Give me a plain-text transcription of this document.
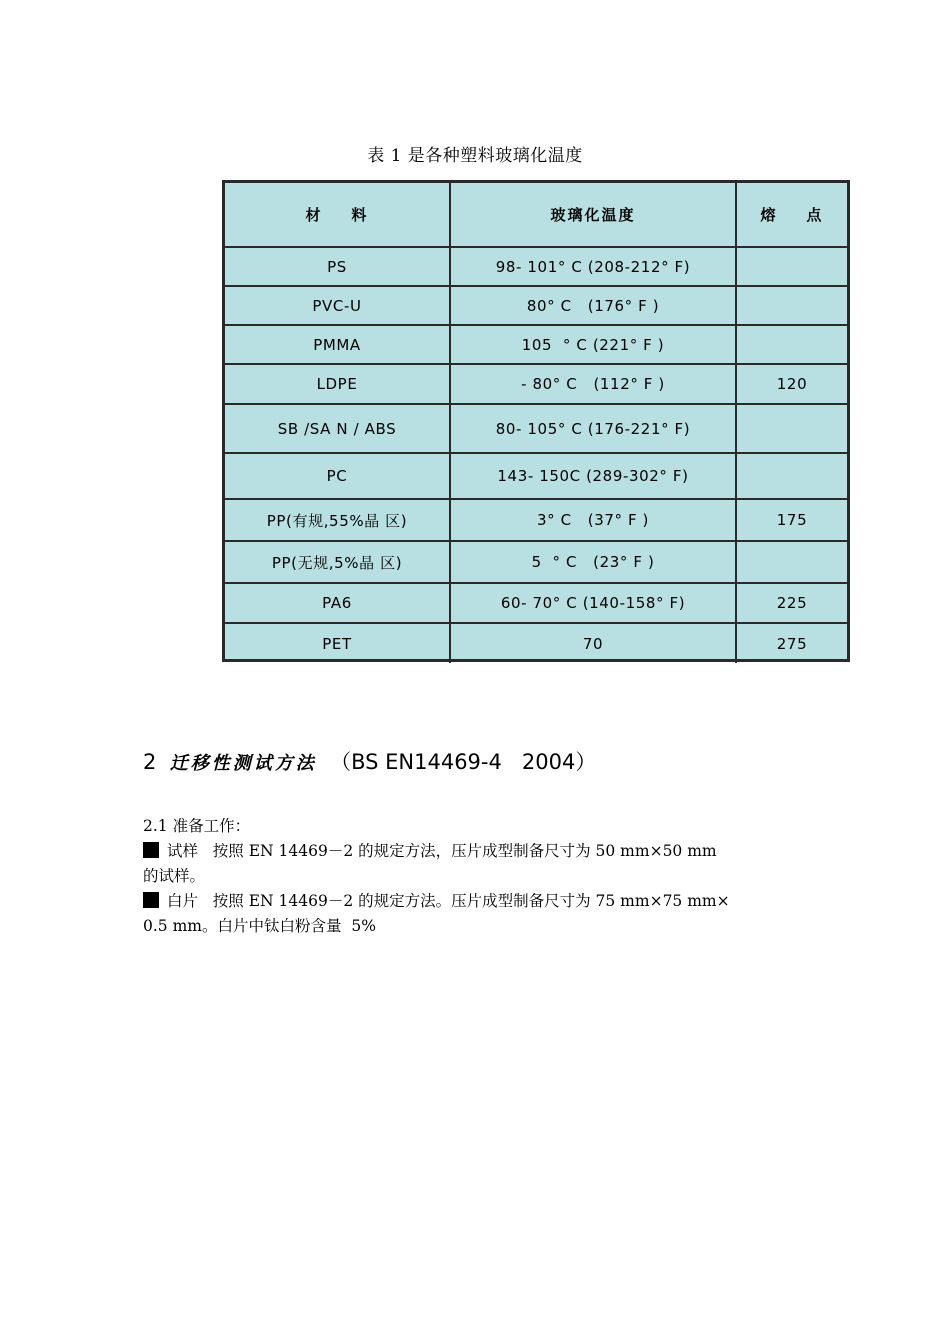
表 1 是各种塑料玻璃化温度
材    料	玻璃化温度	熔    点
PS	98- 101° C (208-212° F)	
PVC-U	80° C   (176° F )	
PMMA	105  ° C (221° F )	
LDPE	- 80° C   (112° F )	120
SB /SA N / ABS	80- 105° C (176-221° F)	
PC	143- 150C (289-302° F)	
PP(有规,55%晶 区)	3° C   (37° F )	175
PP(无规,5%晶 区)	5  ° C   (23° F )	
PA6	60- 70° C (140-158° F)	225
PET	70	275
2 迁移性测试方法 （BS EN14469-4   2004）

2.1 准备工作：

试样   按照 EN 14469－2 的规定方法，压片成型制备尺寸为 50 mm×50 mm

的试样。

白片   按照 EN 14469－2 的规定方法。压片成型制备尺寸为 75 mm×75 mm×

0.5 mm。白片中钛白粉含量  5%
